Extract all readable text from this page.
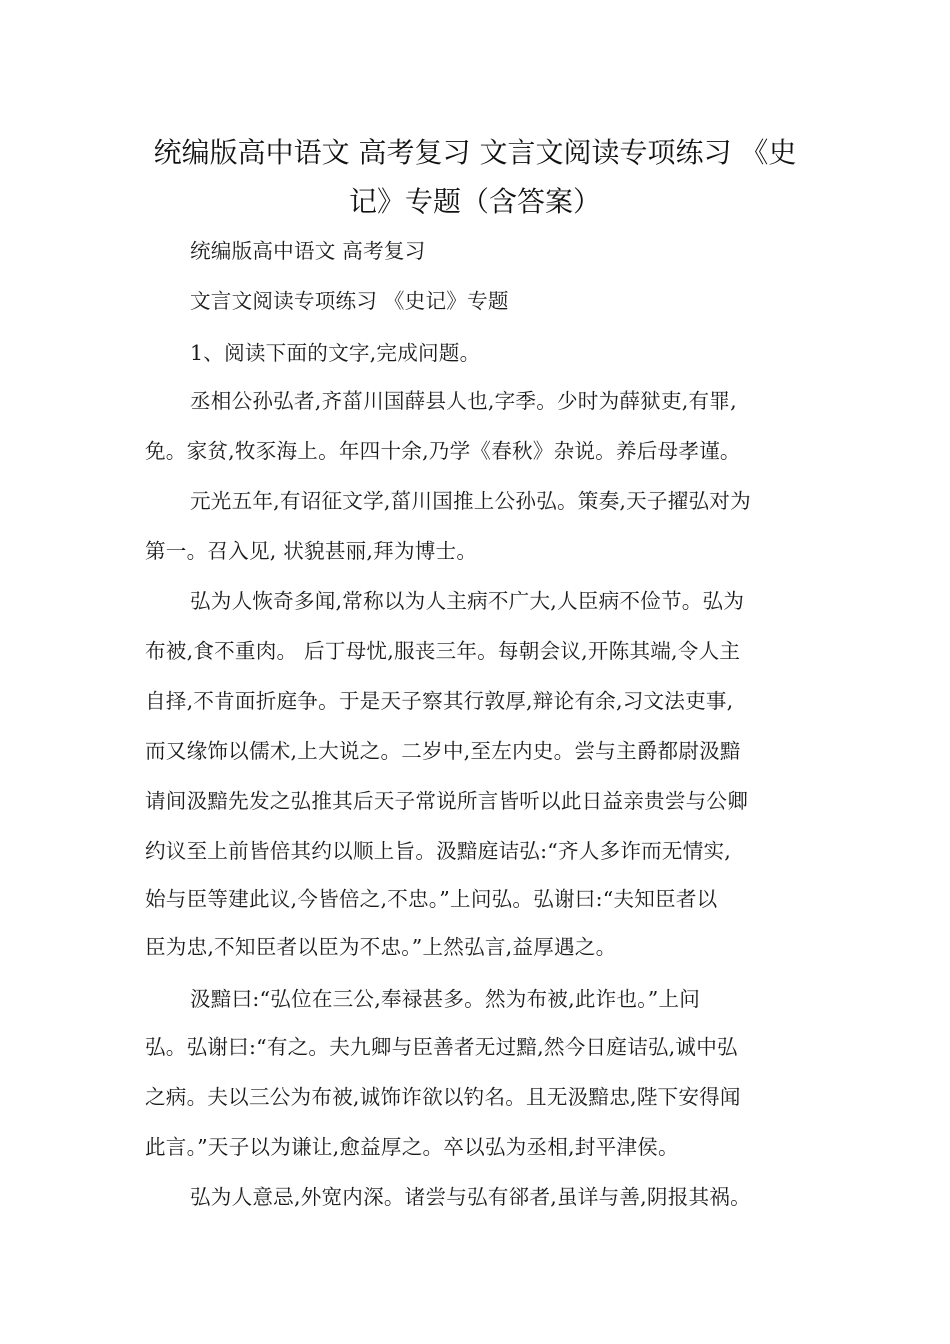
统编版高中语文 高考复习 文言文阅读专项练习 《史
记》专题（含答案）
统编版高中语文 高考复习
文言文阅读专项练习 《史记》专题
1、阅读下面的文字,完成问题。
丞相公孙弘者,齐菑川国薛县人也,字季。少时为薛狱吏,有罪,
免。家贫,牧豕海上。年四十余,乃学《春秋》杂说。养后母孝谨。
元光五年,有诏征文学,菑川国推上公孙弘。策奏,天子擢弘对为
第一。召入见, 状貌甚丽,拜为博士。
弘为人恢奇多闻,常称以为人主病不广大,人臣病不俭节。弘为
布被,食不重肉。 后丁母忧,服丧三年。每朝会议,开陈其端,令人主
自择,不肯面折庭争。于是天子察其行敦厚,辩论有余,习文法吏事,
而又缘饰以儒术,上大说之。二岁中,至左内史。尝与主爵都尉汲黯
请间汲黯先发之弘推其后天子常说所言皆听以此日益亲贵尝与公卿
约议至上前皆倍其约以顺上旨。汲黯庭诘弘:“齐人多诈而无情实,
始与臣等建此议,今皆倍之,不忠。”上问弘。弘谢曰:“夫知臣者以
臣为忠,不知臣者以臣为不忠。”上然弘言,益厚遇之。
汲黯曰:“弘位在三公,奉禄甚多。然为布被,此诈也。”上问
弘。弘谢曰:“有之。夫九卿与臣善者无过黯,然今日庭诘弘,诚中弘
之病。夫以三公为布被,诚饰诈欲以钓名。且无汲黯忠,陛下安得闻
此言。”天子以为谦让,愈益厚之。卒以弘为丞相,封平津侯。
弘为人意忌,外宽内深。诸尝与弘有郤者,虽详与善,阴报其祸。
